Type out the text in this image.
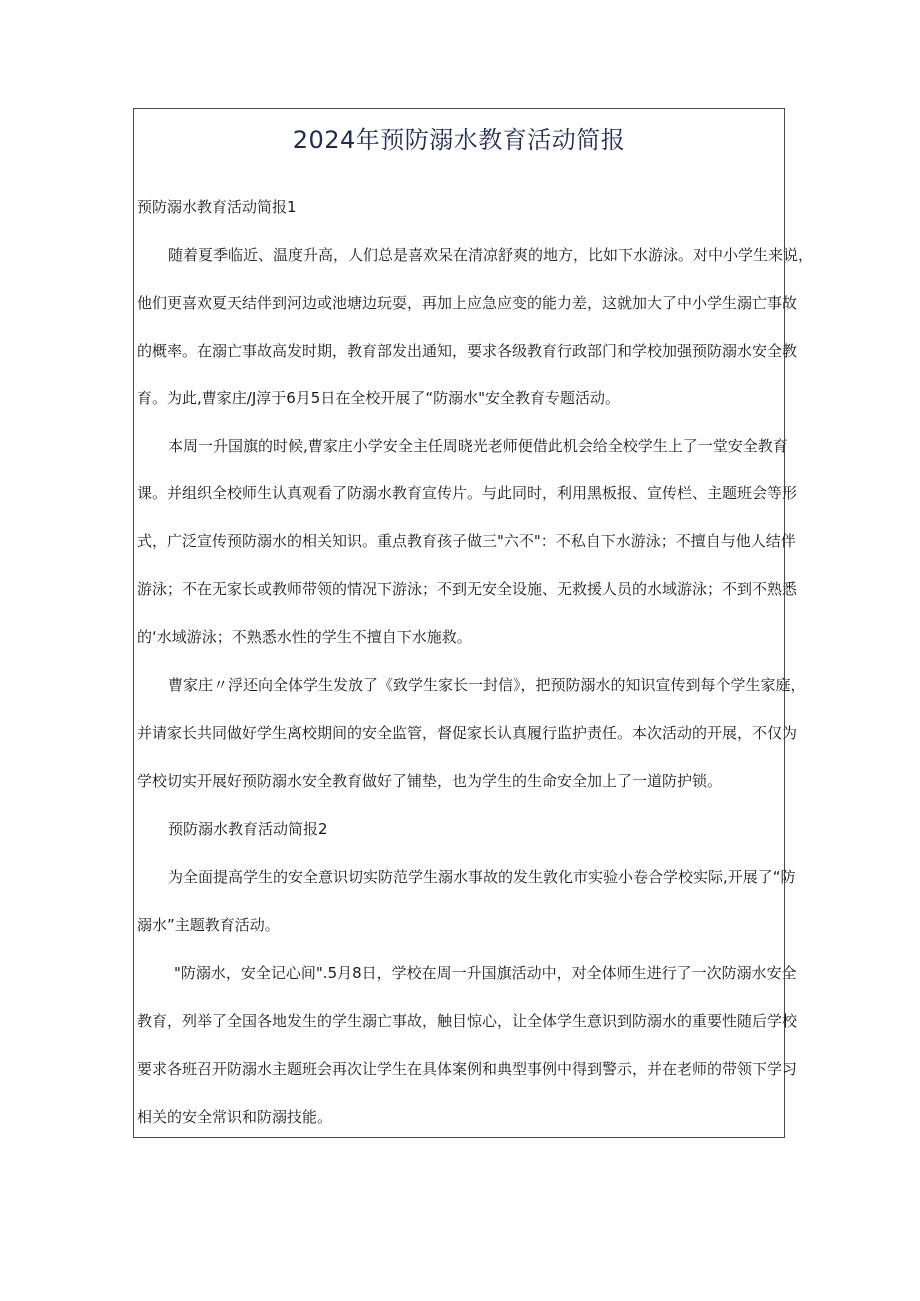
2024年预防溺水教育活动简报
预防溺水教育活动简报1
随着夏季临近、温度升高，人们总是喜欢呆在清凉舒爽的地方，比如下水游泳。对中小学生来说，
他们更喜欢夏天结伴到河边或池塘边玩耍，再加上应急应变的能力差，这就加大了中小学生溺亡事故
的概率。在溺亡事故高发时期，教育部发出通知，要求各级教育行政部门和学校加强预防溺水安全教
育。为此,曹家庄/J淳于6月5日在全校开展了“防溺水"安全教育专题活动。
本周一升国旗的时候,曹家庄小学安全主任周晓光老师便借此机会给全校学生上了一堂安全教育
课。并组织全校师生认真观看了防溺水教育宣传片。与此同时，利用黑板报、宣传栏、主题班会等形
式，广泛宣传预防溺水的相关知识。重点教育孩子做三"六不"：不私自下水游泳；不擅自与他人结伴
游泳；不在无家长或教师带领的情况下游泳；不到无安全设施、无救援人员的水域游泳；不到不熟悉
的‘水域游泳；不熟悉水性的学生不擅自下水施救。
曹家庄〃浮还向全体学生发放了《致学生家长一封信》，把预防溺水的知识宣传到每个学生家庭，
并请家长共同做好学生离校期间的安全监管，督促家长认真履行监护责任。本次活动的开展，不仅为
学校切实开展好预防溺水安全教育做好了铺垫，也为学生的生命安全加上了一道防护锁。
预防溺水教育活动简报2
为全面提高学生的安全意识切实防范学生溺水事故的发生敦化市实验小卷合学校实际,开展了“防
溺水”主题教育活动。
"防溺水，安全记心间".5月8日，学校在周一升国旗活动中，对全体师生进行了一次防溺水安全
教育，列举了全国各地发生的学生溺亡事故，触目惊心，让全体学生意识到防溺水的重要性随后学校
要求各班召开防溺水主题班会再次让学生在具体案例和典型事例中得到警示，并在老师的带领下学习
相关的安全常识和防溺技能。
